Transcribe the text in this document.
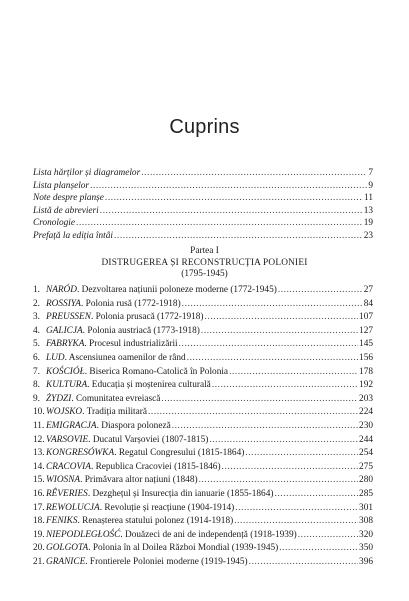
Cuprins
Lista hărților și diagramelor .....	7
Lista planșelor .....	9
Note despre planșe .....	11
Listă de abrevieri .....	13
Cronologie .....	19
Prefață la ediția întâi .....	23
Partea I
DISTRUGEREA ȘI RECONSTRUCȚIA POLONIEI
(1795-1945)
1. NARÓD. Dezvoltarea națiunii poloneze moderne (1772-1945) .....	27
2. ROSSIYA. Polonia rusă (1772-1918) .....	84
3. PREUSSEN. Polonia prusacă (1772-1918) .....	107
4. GALICJA. Polonia austriacă (1773-1918) .....	127
5. FABRYKA. Procesul industrializării .....	145
6. LUD. Ascensiunea oamenilor de rând .....	156
7. KOŚCIÓŁ. Biserica Romano-Catolică în Polonia .....	178
8. KULTURA. Educația și moștenirea culturală .....	192
9. ŻYDZI. Comunitatea evreiască .....	203
10.WOJSKO. Tradiția militară .....	224
11. EMIGRACJA. Diaspora poloneză .....	230
12.VARSOVIE. Ducatul Varșoviei (1807-1815) .....	244
13.KONGRESÓWKA. Regatul Congresului (1815-1864) .....	254
14.CRACOVIA. Republica Cracoviei (1815-1846) .....	275
15.WIOSNA. Primăvara altor națiuni (1848) .....	280
16.RÊVERIES. Dezghețul și Insurecția din ianuarie (1855-1864) .....	285
17.REWOLUCJA. Revoluție și reacțiune (1904-1914) .....	301
18.FENIKS. Renașterea statului polonez (1914-1918) .....	308
19.NIEPODLEGŁOŚĆ. Douăzeci de ani de independență (1918-1939) .....	320
20.GOLGOTA. Polonia în al Doilea Război Mondial (1939-1945) .....	350
21.GRANICE. Frontierele Poloniei moderne (1919-1945) .....	396
